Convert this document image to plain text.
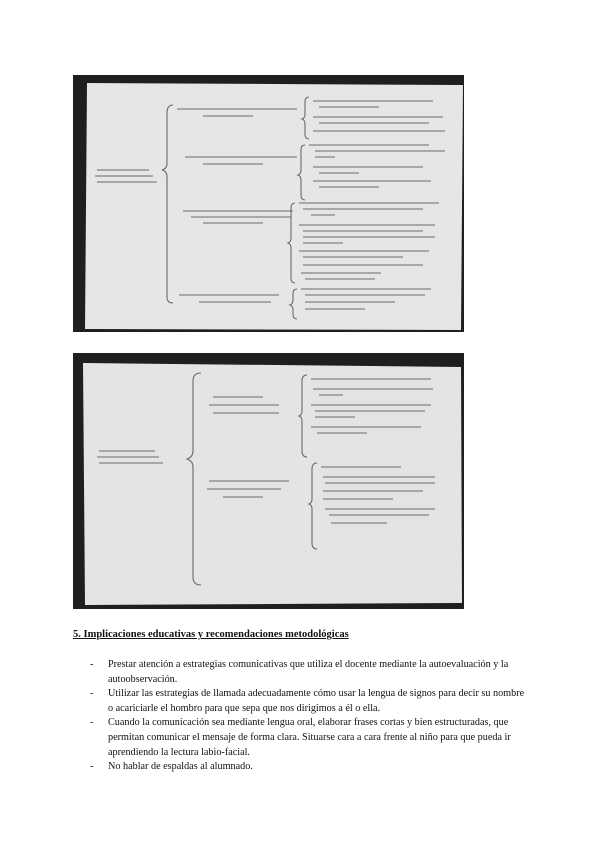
5. Implicaciones educativas y recomendaciones metodológicas
- Prestar atención a estrategias comunicativas que utiliza el docente mediante la autoevaluación y la autoobservación.
- Utilizar las estrategias de llamada adecuadamente cómo usar la lengua de signos para decir su nombre o acariciarle el hombro para que sepa que nos dirigimos a él o ella.
- Cuando la comunicación sea mediante lengua oral, elaborar frases cortas y bien estructuradas, que permitan comunicar el mensaje de forma clara. Situarse cara a cara frente al niño para que pueda ir aprendiendo la lectura labio-facial.
- No hablar de espaldas al alumnado.
